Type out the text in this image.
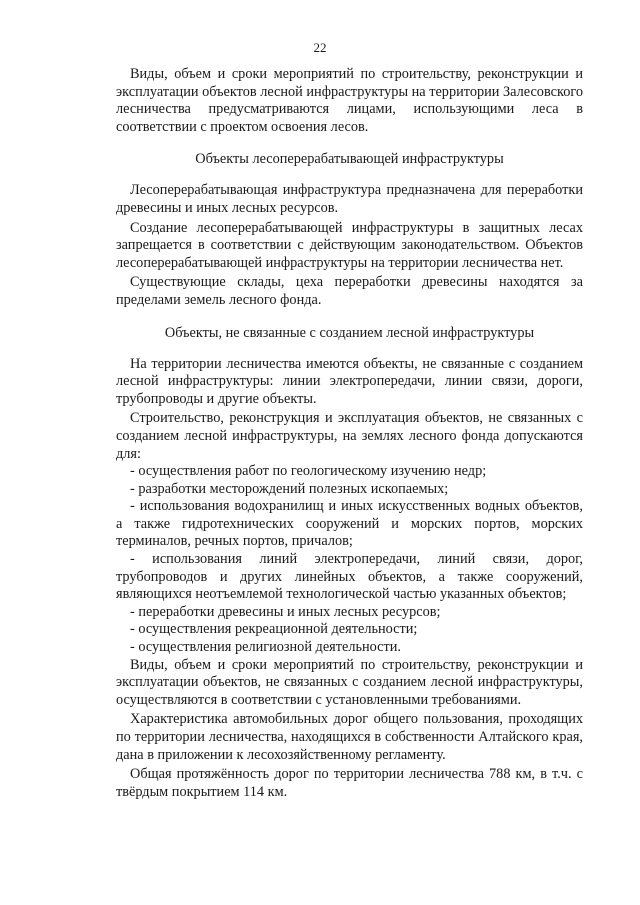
22

Виды, объем и сроки мероприятий по строительству, реконструкции и эксплуатации объектов лесной инфраструктуры на территории Залесовского лесничества предусматриваются лицами, использующими леса в соответствии с проектом освоения лесов.

Объекты лесоперерабатывающей инфраструктуры

Лесоперерабатывающая инфраструктура предназначена для переработки древесины и иных лесных ресурсов.

Создание лесоперерабатывающей инфраструктуры в защитных лесах запрещается в соответствии с действующим законодательством. Объектов лесоперерабатывающей инфраструктуры на территории лесничества нет.

Существующие склады, цеха переработки древесины находятся за пределами земель лесного фонда.

Объекты, не связанные с созданием лесной инфраструктуры

На территории лесничества имеются объекты, не связанные с созданием лесной инфраструктуры: линии электропередачи, линии связи, дороги, трубопроводы и другие объекты.

Строительство, реконструкция и эксплуатация объектов, не связанных с созданием лесной инфраструктуры, на землях лесного фонда допускаются для:

- осуществления работ по геологическому изучению недр;

- разработки месторождений полезных ископаемых;

- использования водохранилищ и иных искусственных водных объектов, а также гидротехнических сооружений и морских портов, морских терминалов, речных портов, причалов;

- использования линий электропередачи, линий связи, дорог, трубопроводов и других линейных объектов, а также сооружений, являющихся неотъемлемой технологической частью указанных объектов;

- переработки древесины и иных лесных ресурсов;

- осуществления рекреационной деятельности;

- осуществления религиозной деятельности.

Виды, объем и сроки мероприятий по строительству, реконструкции и эксплуатации объектов, не связанных с созданием лесной инфраструктуры, осуществляются в соответствии с установленными требованиями.

Характеристика автомобильных дорог общего пользования, проходящих по территории лесничества, находящихся в собственности Алтайского края, дана в приложении к лесохозяйственному регламенту.

Общая протяжённость дорог по территории лесничества 788 км, в т.ч. с твёрдым покрытием 114 км.
